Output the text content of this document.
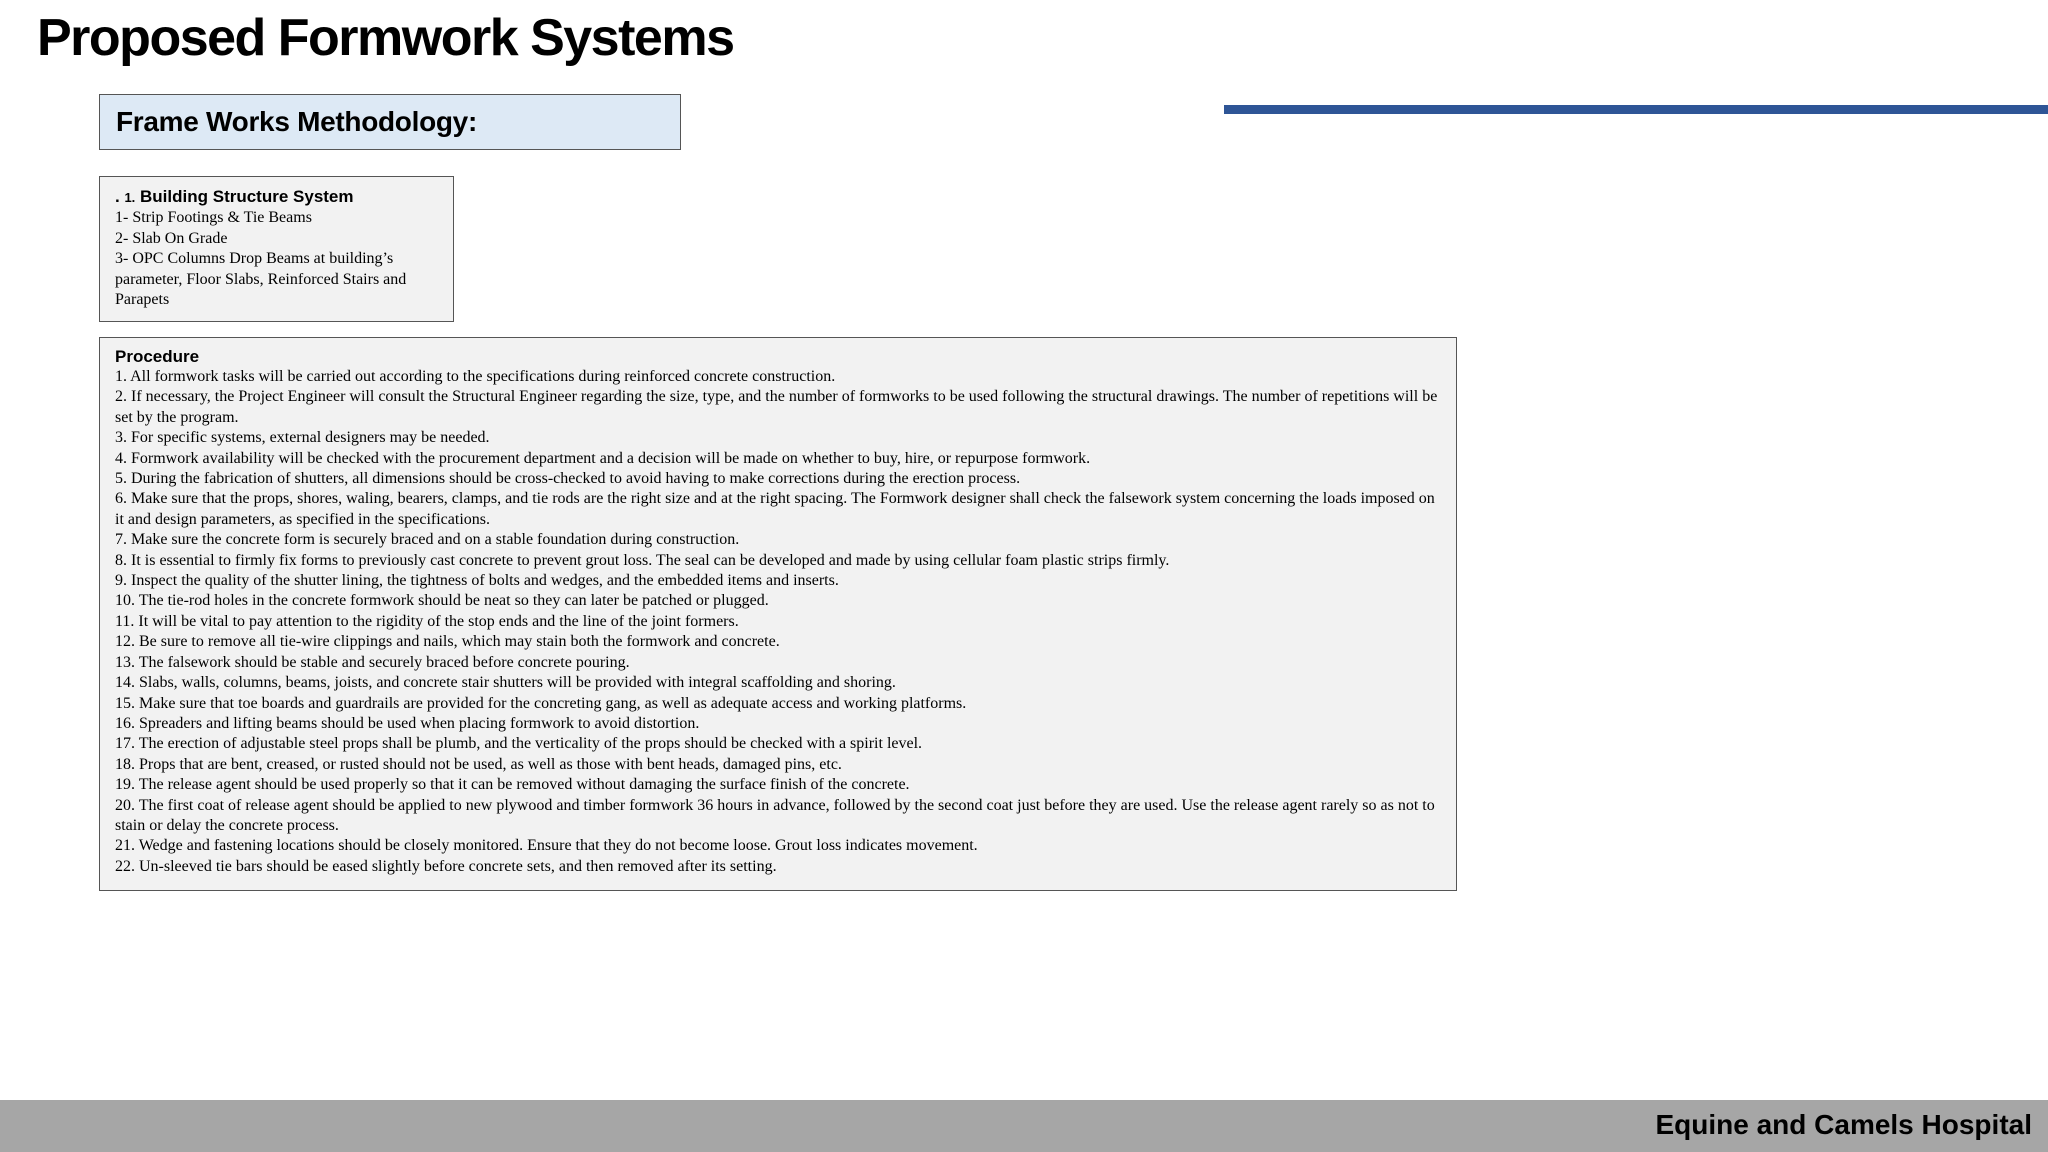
Proposed Formwork Systems
Frame Works Methodology:
. 1. Building Structure System
1- Strip Footings & Tie Beams
2- Slab On Grade
3- OPC Columns Drop Beams at building’s parameter, Floor Slabs, Reinforced Stairs and Parapets
Procedure
1. All formwork tasks will be carried out according to the specifications during reinforced concrete construction.
2. If necessary, the Project Engineer will consult the Structural Engineer regarding the size, type, and the number of formworks to be used following the structural drawings. The number of repetitions will be set by the program.
3. For specific systems, external designers may be needed.
4. Formwork availability will be checked with the procurement department and a decision will be made on whether to buy, hire, or repurpose formwork.
5. During the fabrication of shutters, all dimensions should be cross-checked to avoid having to make corrections during the erection process.
6. Make sure that the props, shores, waling, bearers, clamps, and tie rods are the right size and at the right spacing. The Formwork designer shall check the falsework system concerning the loads imposed on it and design parameters, as specified in the specifications.
7. Make sure the concrete form is securely braced and on a stable foundation during construction.
8. It is essential to firmly fix forms to previously cast concrete to prevent grout loss. The seal can be developed and made by using cellular foam plastic strips firmly.
9. Inspect the quality of the shutter lining, the tightness of bolts and wedges, and the embedded items and inserts.
10. The tie-rod holes in the concrete formwork should be neat so they can later be patched or plugged.
11. It will be vital to pay attention to the rigidity of the stop ends and the line of the joint formers.
12. Be sure to remove all tie-wire clippings and nails, which may stain both the formwork and concrete.
13. The falsework should be stable and securely braced before concrete pouring.
14. Slabs, walls, columns, beams, joists, and concrete stair shutters will be provided with integral scaffolding and shoring.
15. Make sure that toe boards and guardrails are provided for the concreting gang, as well as adequate access and working platforms.
16. Spreaders and lifting beams should be used when placing formwork to avoid distortion.
17. The erection of adjustable steel props shall be plumb, and the verticality of the props should be checked with a spirit level.
18. Props that are bent, creased, or rusted should not be used, as well as those with bent heads, damaged pins, etc.
19. The release agent should be used properly so that it can be removed without damaging the surface finish of the concrete.
20. The first coat of release agent should be applied to new plywood and timber formwork 36 hours in advance, followed by the second coat just before they are used. Use the release agent rarely so as not to stain or delay the concrete process.
21. Wedge and fastening locations should be closely monitored. Ensure that they do not become loose. Grout loss indicates movement.
22. Un-sleeved tie bars should be eased slightly before concrete sets, and then removed after its setting.
Equine and Camels Hospital
